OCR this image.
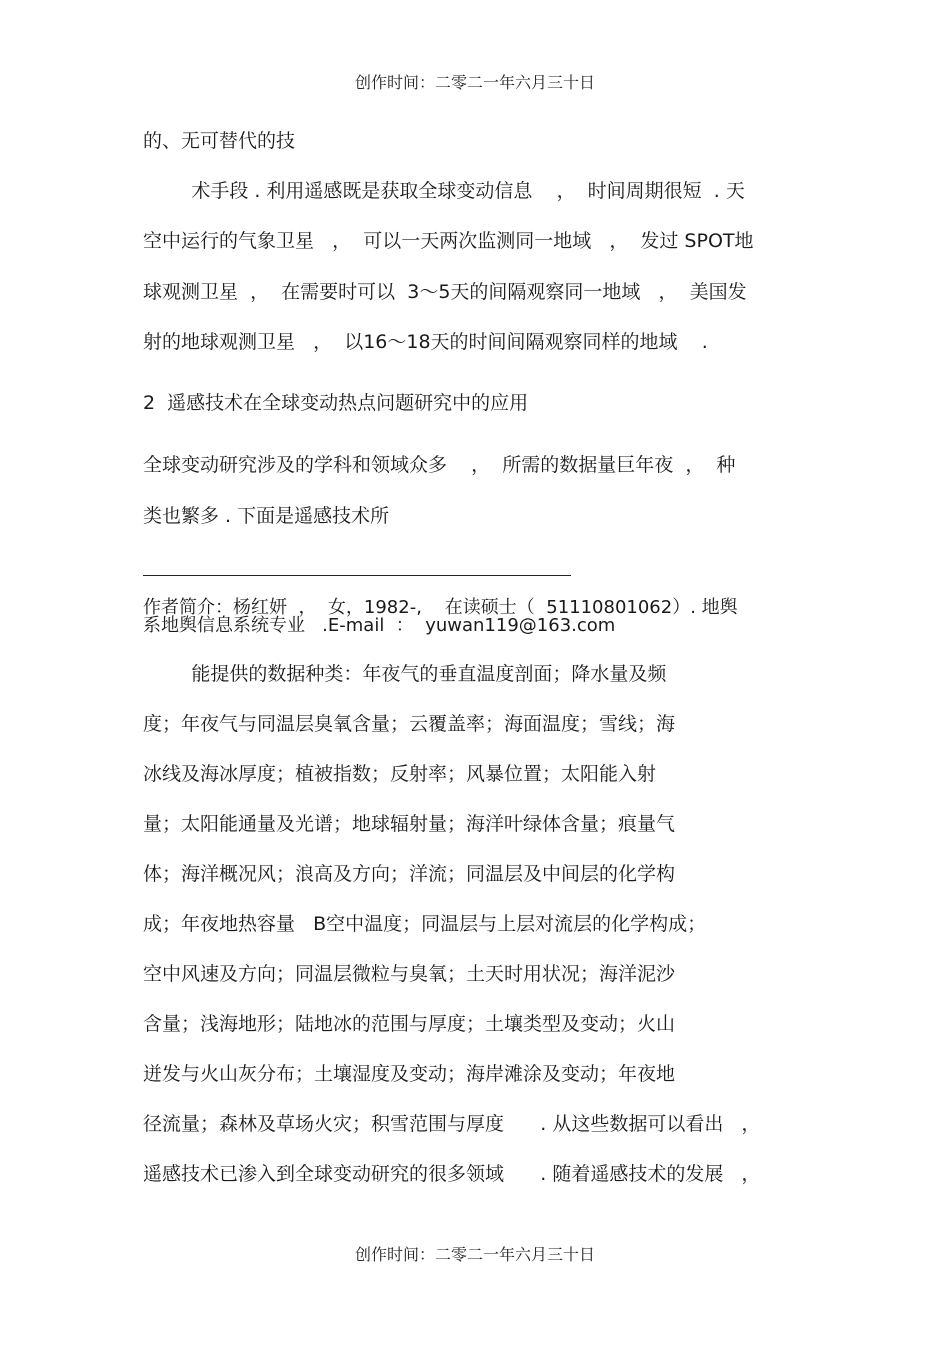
创作时间：二零二一年六月三十日
的、无可替代的技
术手段 . 利用遥感既是获取全球变动信息    ，  时间周期很短  . 天
空中运行的气象卫星   ，  可以一天两次监测同一地域   ，  发过 SPOT地
球观测卫星  ，  在需要时可以  3～5天的间隔观察同一地域   ，  美国发
射的地球观测卫星   ，  以16～18天的时间间隔观察同样的地域    .
2  遥感技术在全球变动热点问题研究中的应用
全球变动研究涉及的学科和领域众多    ，  所需的数据量巨年夜  ，  种
类也繁多 . 下面是遥感技术所
作者简介：杨红妍  ，  女，1982-,    在读硕士（  51110801062）. 地舆
系地舆信息系统专业   .E-mail  ：  yuwan119@163.com
能提供的数据种类：年夜气的垂直温度剖面；降水量及频
度；年夜气与同温层臭氧含量；云覆盖率；海面温度；雪线；海
冰线及海冰厚度；植被指数；反射率；风暴位置；太阳能入射
量；太阳能通量及光谱；地球辐射量；海洋叶绿体含量；痕量气
体；海洋概况风；浪高及方向；洋流；同温层及中间层的化学构
成；年夜地热容量   B空中温度；同温层与上层对流层的化学构成；
空中风速及方向；同温层微粒与臭氧；土天时用状况；海洋泥沙
含量；浅海地形；陆地冰的范围与厚度；土壤类型及变动；火山
迸发与火山灰分布；土壤湿度及变动；海岸滩涂及变动；年夜地
径流量；森林及草场火灾；积雪范围与厚度      . 从这些数据可以看出   ，
遥感技术已渗入到全球变动研究的很多领域      . 随着遥感技术的发展   ，
创作时间：二零二一年六月三十日
